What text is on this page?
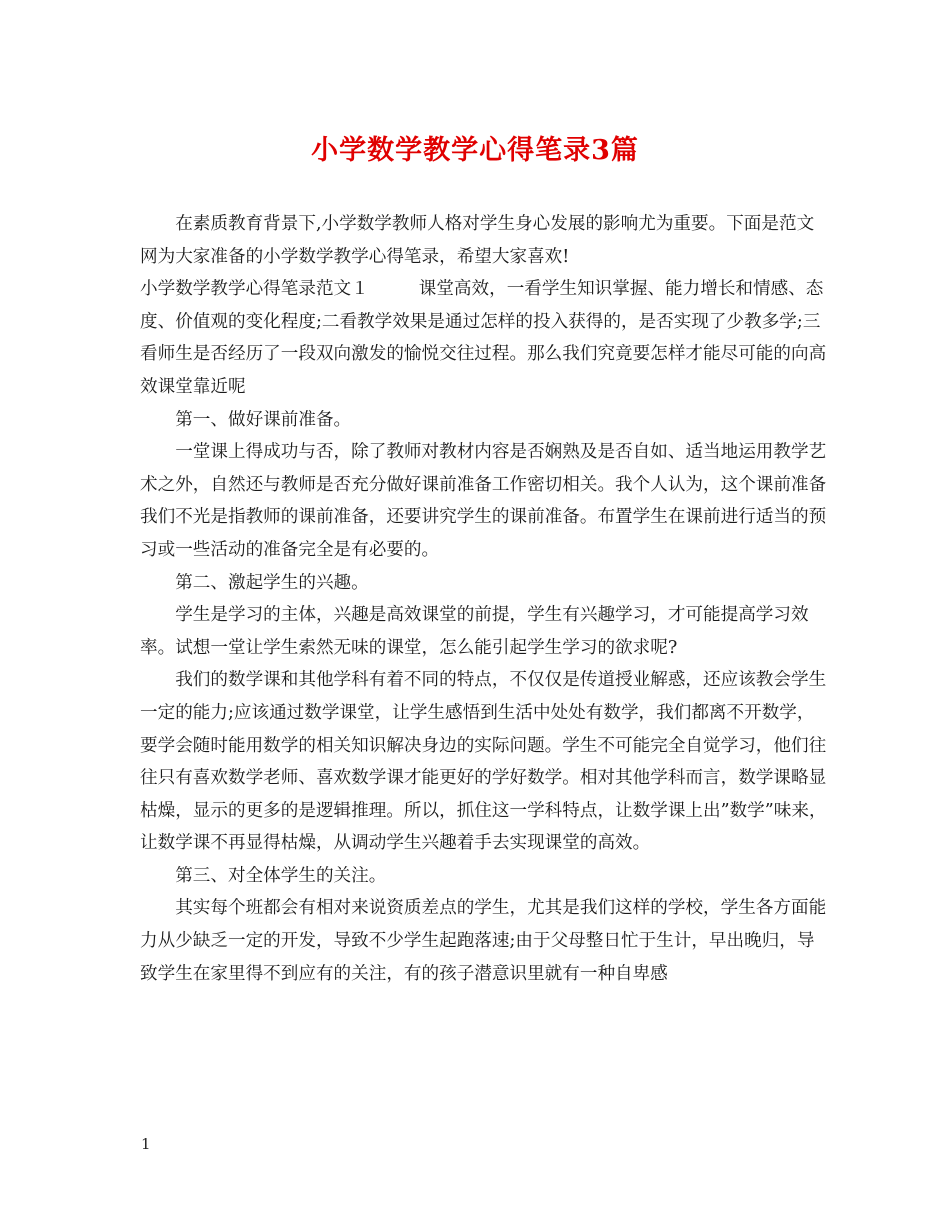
小学数学教学心得笔录3篇

在素质教育背景下,小学数学教师人格对学生身心发展的影响尤为重要。下面是范文网为大家准备的小学数学教学心得笔录，希望大家喜欢!

小学数学教学心得笔录范文１	课堂高效，一看学生知识掌握、能力增长和情感、态度、价值观的变化程度;二看教学效果是通过怎样的投入获得的，是否实现了少教多学;三看师生是否经历了一段双向激发的愉悦交往过程。那么我们究竟要怎样才能尽可能的向高效课堂靠近呢

第一、做好课前准备。

一堂课上得成功与否，除了教师对教材内容是否娴熟及是否自如、适当地运用教学艺术之外，自然还与教师是否充分做好课前准备工作密切相关。我个人认为，这个课前准备我们不光是指教师的课前准备，还要讲究学生的课前准备。布置学生在课前进行适当的预习或一些活动的准备完全是有必要的。

第二、激起学生的兴趣。

学生是学习的主体，兴趣是高效课堂的前提，学生有兴趣学习，才可能提高学习效率。试想一堂让学生索然无味的课堂，怎么能引起学生学习的欲求呢?

我们的数学课和其他学科有着不同的特点，不仅仅是传道授业解惑，还应该教会学生一定的能力;应该通过数学课堂，让学生感悟到生活中处处有数学，我们都离不开数学，要学会随时能用数学的相关知识解决身边的实际问题。学生不可能完全自觉学习，他们往往只有喜欢数学老师、喜欢数学课才能更好的学好数学。相对其他学科而言，数学课略显枯燥，显示的更多的是逻辑推理。所以，抓住这一学科特点，让数学课上出”数学”味来，让数学课不再显得枯燥，从调动学生兴趣着手去实现课堂的高效。

第三、对全体学生的关注。

其实每个班都会有相对来说资质差点的学生，尤其是我们这样的学校，学生各方面能力从少缺乏一定的开发，导致不少学生起跑落速;由于父母整日忙于生计，早出晚归，导致学生在家里得不到应有的关注，有的孩子潜意识里就有一种自卑感

1
